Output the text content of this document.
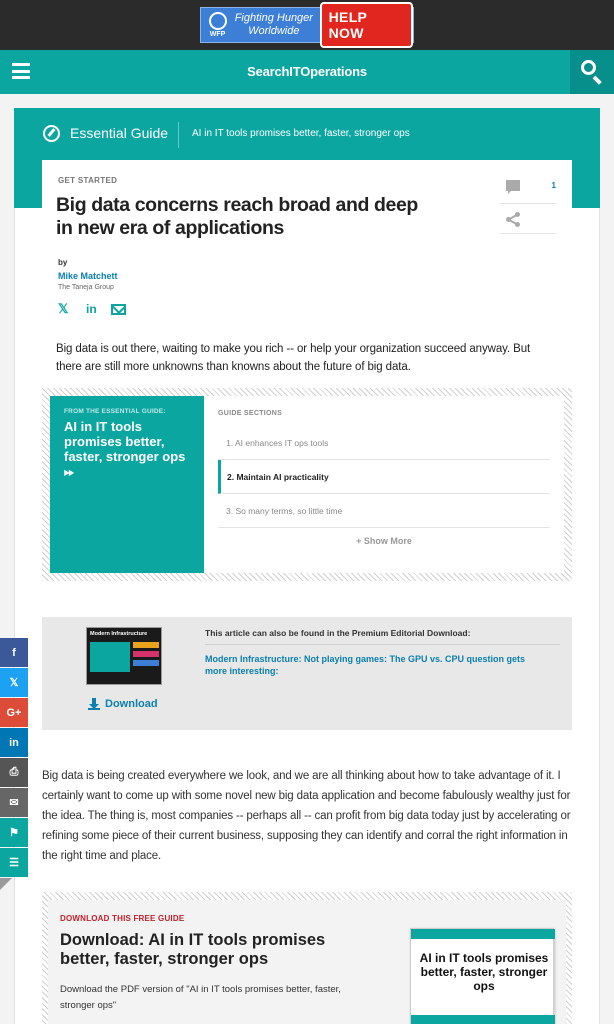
WFP
Fighting Hunger Worldwide
HELP NOW
SearchITOperations
Essential Guide AI in IT tools promises better, faster, stronger ops
GET STARTED
Big data concerns reach broad and deep in new era of applications
by
Mike Matchett
The Taneja Group
𝕏 in
1
Big data is out there, waiting to make you rich -- or help your organization succeed anyway. But there are still more unknowns than knowns about the future of big data.
FROM THE ESSENTIAL GUIDE:
AI in IT tools promises better, faster, stronger ops ⏩︎
GUIDE SECTIONS
1. AI enhances IT ops tools
2. Maintain AI practicality
3. So many terms, so little time
+ Show More
Modern Infrastructure
Download
This article can also be found in the Premium Editorial Download:
Modern Infrastructure: Not playing games: The GPU vs. CPU question gets more interesting:

Big data is being created everywhere we look, and we are all thinking about how to take advantage of it. I certainly want to come up with some novel new big data application and become fabulously wealthy just for the idea. The thing is, most companies -- perhaps all -- can profit from big data today just by accelerating or refining some piece of their current business, supposing they can identify and corral the right information in the right time and place.

DOWNLOAD THIS FREE GUIDE
Download: AI in IT tools promises better, faster, stronger ops
Download the PDF version of "AI in IT tools promises better, faster, stronger ops"
AI in IT tools promises better, faster, stronger ops
f
𝕏
G+
in
⎙
✉
⚑
☰
